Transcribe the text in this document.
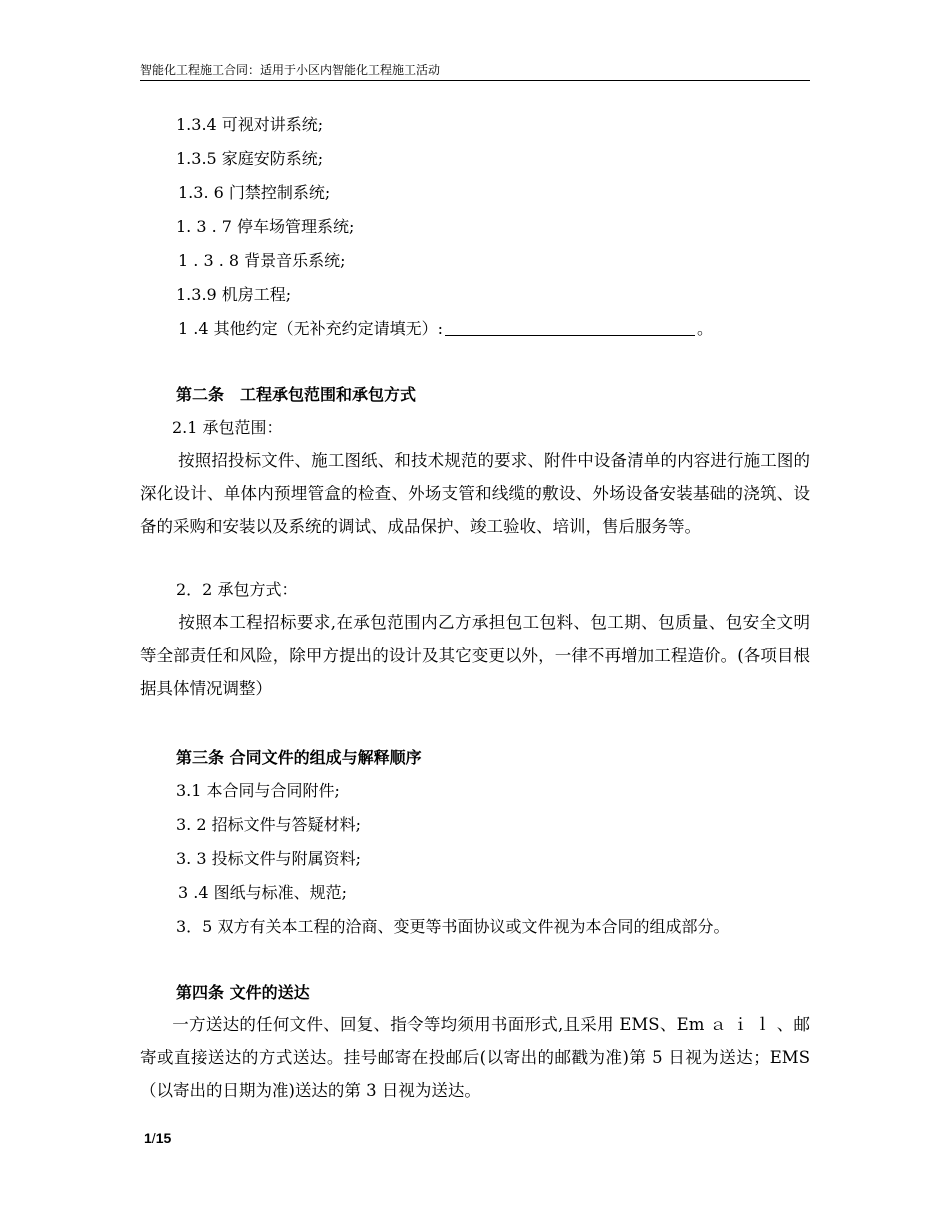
智能化工程施工合同：适用于小区内智能化工程施工活动
1.3.4 可视对讲系统;
1.3.5 家庭安防系统;
1.3. 6 门禁控制系统;
1. 3 . 7 停车场管理系统;
1 . 3 . 8 背景音乐系统;
1.3.9 机房工程;
1 .4 其他约定（无补充约定请填无）:	。
第二条　工程承包范围和承包方式
2.1 承包范围：
按照招投标文件、施工图纸、和技术规范的要求、附件中设备清单的内容进行施工图的深化设计、单体内预埋管盒的检查、外场支管和线缆的敷设、外场设备安装基础的浇筑、设备的采购和安装以及系统的调试、成品保护、竣工验收、培训，售后服务等。
2．2 承包方式：
按照本工程招标要求,在承包范围内乙方承担包工包料、包工期、包质量、包安全文明等全部责任和风险，除甲方提出的设计及其它变更以外，一律不再增加工程造价。(各项目根据具体情况调整）
第三条 合同文件的组成与解释顺序
3.1 本合同与合同附件;
3. 2 招标文件与答疑材料;
3. 3 投标文件与附属资料;
3 .4 图纸与标准、规范;
3．5 双方有关本工程的洽商、变更等书面协议或文件视为本合同的组成部分。
第四条 文件的送达
一方送达的任何文件、回复、指令等均须用书面形式,且采用 EMS、Em ａ ｉ ｌ 、邮寄或直接送达的方式送达。挂号邮寄在投邮后(以寄出的邮戳为准)第 5 日视为送达；EMS（以寄出的日期为准)送达的第 3 日视为送达。
1/15
